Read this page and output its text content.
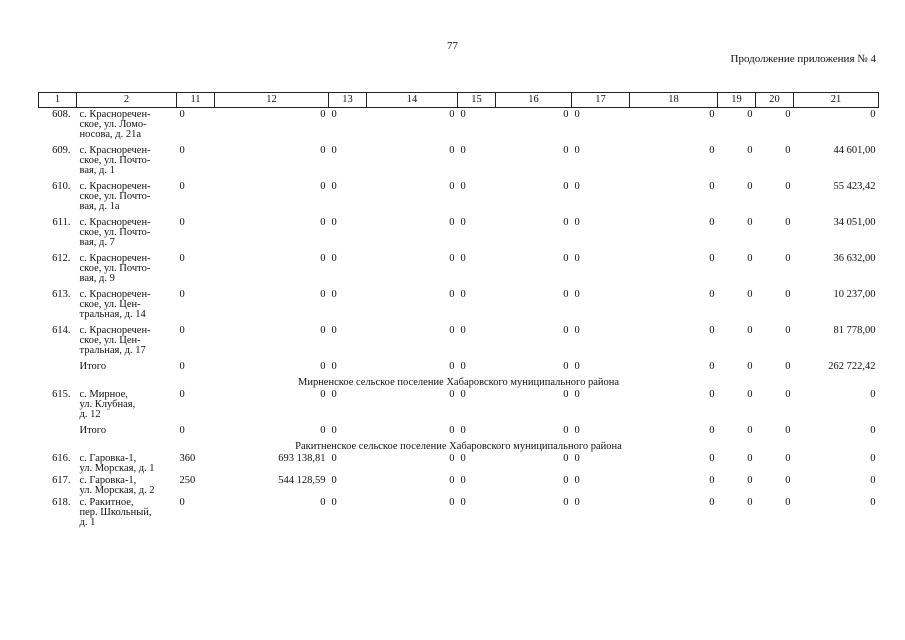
77
Продолжение приложения № 4
1	2	11	12	13	14	15	16	17	18	19	20	21
608.	с. Красноречен-
ское, ул. Ломо-
носова, д. 21а	0	0	0	0	0	0	0	0	0	0	0
609.	с. Красноречен-
ское, ул. Почто-
вая, д. 1	0	0	0	0	0	0	0	0	0	0	44 601,00
610.	с. Красноречен-
ское, ул. Почто-
вая, д. 1а	0	0	0	0	0	0	0	0	0	0	55 423,42
611.	с. Красноречен-
ское, ул. Почто-
вая, д. 7	0	0	0	0	0	0	0	0	0	0	34 051,00
612.	с. Красноречен-
ское, ул. Почто-
вая, д. 9	0	0	0	0	0	0	0	0	0	0	36 632,00
613.	с. Красноречен-
ское, ул. Цен-
тральная, д. 14	0	0	0	0	0	0	0	0	0	0	10 237,00
614.	с. Красноречен-
ское, ул. Цен-
тральная, д. 17	0	0	0	0	0	0	0	0	0	0	81 778,00
	Итого	0	0	0	0	0	0	0	0	0	0	262 722,42
Мирненское сельское поселение Хабаровского муниципального района												
615.	с. Мирное,
ул. Клубная,
д. 12	0	0	0	0	0	0	0	0	0	0	0
	Итого	0	0	0	0	0	0	0	0	0	0	0
Ракитненское сельское поселение Хабаровского муниципального района												
616.	с. Гаровка-1,
ул. Морская, д. 1	360	693 138,81	0	0	0	0	0	0	0	0	0
617.	с. Гаровка-1,
ул. Морская, д. 2	250	544 128,59	0	0	0	0	0	0	0	0	0
618.	с. Ракитное,
пер. Школьный,
д. 1	0	0	0	0	0	0	0	0	0	0	0
